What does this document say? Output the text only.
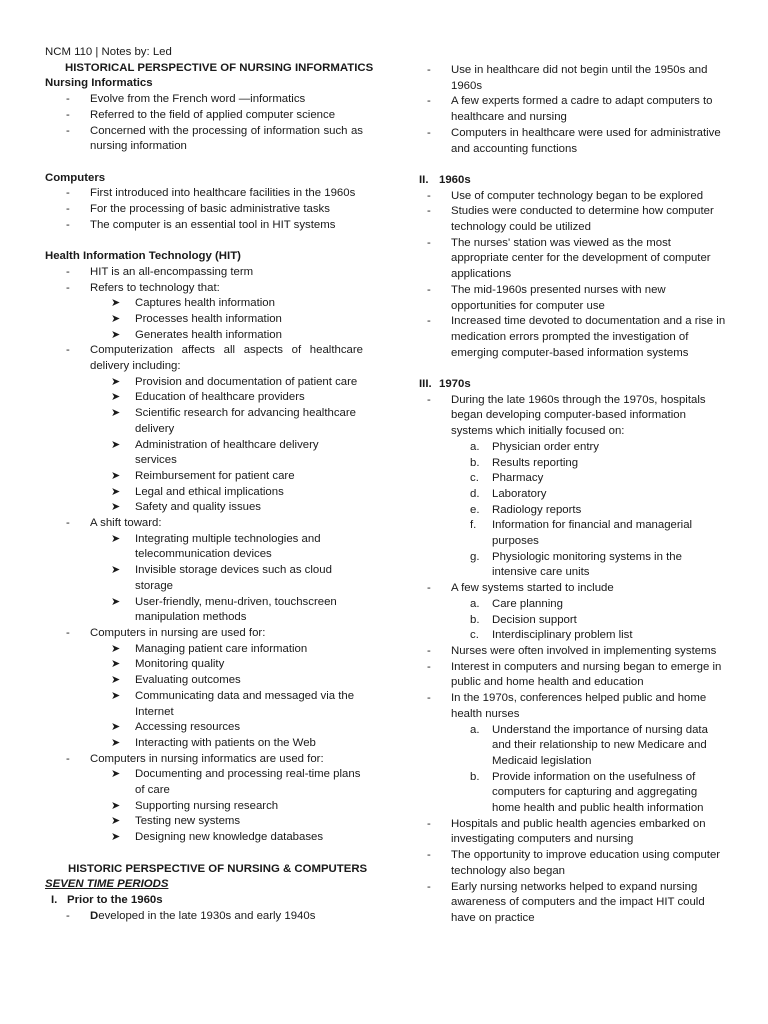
NCM 110 | Notes by: Led
HISTORICAL PERSPECTIVE OF NURSING INFORMATICS
Nursing Informatics
- Evolve from the French word —informatics
- Referred to the field of applied computer science
- Concerned with the processing of information such as nursing information
Computers
- First introduced into healthcare facilities in the 1960s
- For the processing of basic administrative tasks
- The computer is an essential tool in HIT systems
Health Information Technology (HIT)
- HIT is an all-encompassing term
- Refers to technology that:
➤ Captures health information
➤ Processes health information
➤ Generates health information
- Computerization affects all aspects of healthcare delivery including:
➤ Provision and documentation of patient care
➤ Education of healthcare providers
➤ Scientific research for advancing healthcare delivery
➤ Administration of healthcare delivery services
➤ Reimbursement for patient care
➤ Legal and ethical implications
➤ Safety and quality issues
- A shift toward:
➤ Integrating multiple technologies and telecommunication devices
➤ Invisible storage devices such as cloud storage
➤ User-friendly, menu-driven, touchscreen manipulation methods
- Computers in nursing are used for:
➤ Managing patient care information
➤ Monitoring quality
➤ Evaluating outcomes
➤ Communicating data and messaged via the Internet
➤ Accessing resources
➤ Interacting with patients on the Web
- Computers in nursing informatics are used for:
➤ Documenting and processing real-time plans of care
➤ Supporting nursing research
➤ Testing new systems
➤ Designing new knowledge databases
HISTORIC PERSPECTIVE OF NURSING & COMPUTERS
SEVEN TIME PERIODS
I. Prior to the 1960s
- Developed in the late 1930s and early 1940s
- Use in healthcare did not begin until the 1950s and 1960s
- A few experts formed a cadre to adapt computers to healthcare and nursing
- Computers in healthcare were used for administrative and accounting functions
II. 1960s
- Use of computer technology began to be explored
- Studies were conducted to determine how computer technology could be utilized
- The nurses' station was viewed as the most appropriate center for the development of computer applications
- The mid-1960s presented nurses with new opportunities for computer use
- Increased time devoted to documentation and a rise in medication errors prompted the investigation of emerging computer-based information systems
III. 1970s
- During the late 1960s through the 1970s, hospitals began developing computer-based information systems which initially focused on:
a. Physician order entry
b. Results reporting
c. Pharmacy
d. Laboratory
e. Radiology reports
f. Information for financial and managerial purposes
g. Physiologic monitoring systems in the intensive care units
- A few systems started to include
a. Care planning
b. Decision support
c. Interdisciplinary problem list
- Nurses were often involved in implementing systems
- Interest in computers and nursing began to emerge in public and home health and education
- In the 1970s, conferences helped public and home health nurses
a. Understand the importance of nursing data and their relationship to new Medicare and Medicaid legislation
b. Provide information on the usefulness of computers for capturing and aggregating home health and public health information
- Hospitals and public health agencies embarked on investigating computers and nursing
- The opportunity to improve education using computer technology also began
- Early nursing networks helped to expand nursing awareness of computers and the impact HIT could have on practice
